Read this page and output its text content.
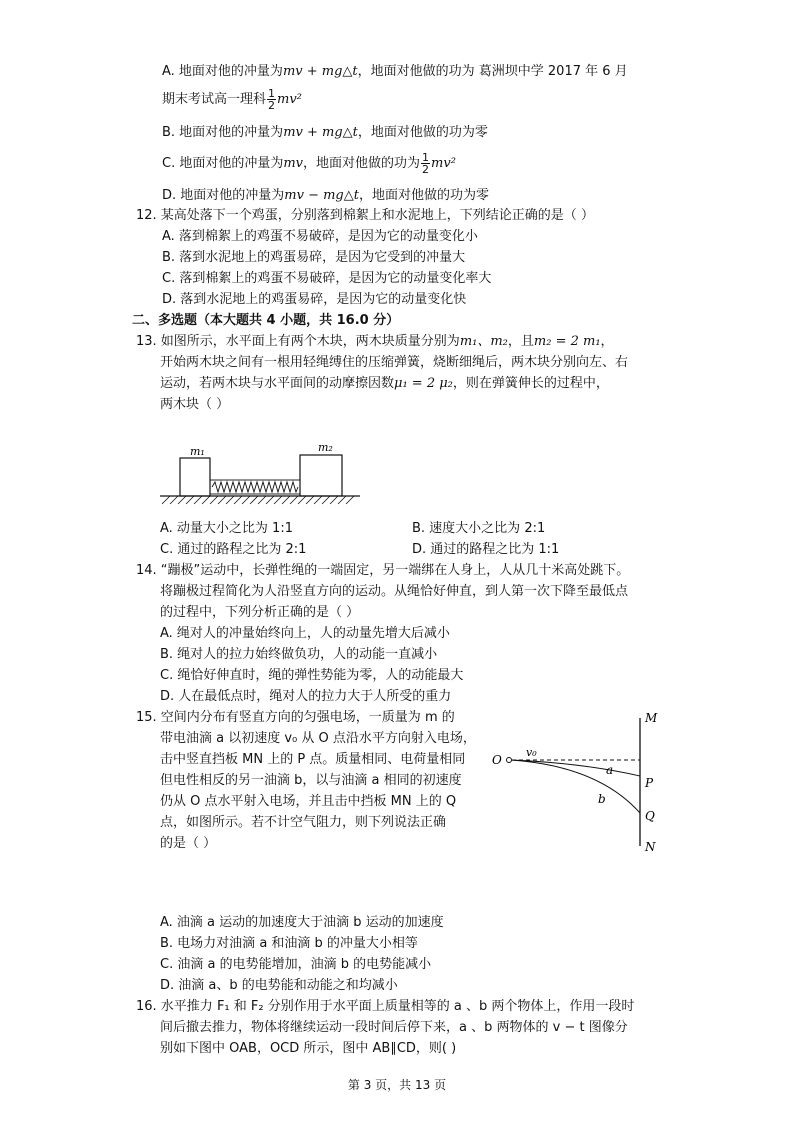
A. 地面对他的冲量为mv + mg△t，地面对他做的功为 葛洲坝中学 2017 年 6 月
期末考试高一理科 $\frac{1}{2} mv^2$
B. 地面对他的冲量为mv + mg△t，地面对他做的功为零
C. 地面对他的冲量为mv，地面对他做的功为 $\frac{1}{2} mv^2$
D. 地面对他的冲量为mv − mg△t，地面对他做的功为零
12. 某高处落下一个鸡蛋，分别落到棉絮上和水泥地上，下列结论正确的是（ ）
A. 落到棉絮上的鸡蛋不易破碎，是因为它的动量变化小
B. 落到水泥地上的鸡蛋易碎，是因为它受到的冲量大
C. 落到棉絮上的鸡蛋不易破碎，是因为它的动量变化率大
D. 落到水泥地上的鸡蛋易碎，是因为它的动量变化快
二、多选题（本大题共 4 小题，共 16.0 分）
13. 如图所示，水平面上有两个木块，两木块质量分别为m₁、m₂，且m₂ = 2 m₁，
开始两木块之间有一根用轻绳缚住的压缩弹簧，烧断细绳后，两木块分别向左、右
运动，若两木块与水平面间的动摩擦因数μ₁ = 2 μ₂，则在弹簧伸长的过程中，
两木块（ ）
m₁	m₂
A. 动量大小之比为 1:1	B. 速度大小之比为 2:1
C. 通过的路程之比为 2:1	D. 通过的路程之比为 1:1
14. “蹦极”运动中，长弹性绳的一端固定，另一端绑在人身上，人从几十米高处跳下。
将蹦极过程简化为人沿竖直方向的运动。从绳恰好伸直，到人第一次下降至最低点
的过程中，下列分析正确的是（ ）
A. 绳对人的冲量始终向上，人的动量先增大后减小
B. 绳对人的拉力始终做负功，人的动能一直减小
C. 绳恰好伸直时，绳的弹性势能为零，人的动能最大
D. 人在最低点时，绳对人的拉力大于人所受的重力
15. 空间内分布有竖直方向的匀强电场，一质量为 m 的
带电油滴 a 以初速度 v₀ 从 O 点沿水平方向射入电场，
击中竖直挡板 MN 上的 P 点。质量相同、电荷量相同
但电性相反的另一油滴 b，以与油滴 a 相同的初速度
仍从 O 点水平射入电场，并且击中挡板 MN 上的 Q
点，如图所示。若不计空气阻力，则下列说法正确
的是（ ）
M
N
O
v₀
a
b
P
Q
A. 油滴 a 运动的加速度大于油滴 b 运动的加速度
B. 电场力对油滴 a 和油滴 b 的冲量大小相等
C. 油滴 a 的电势能增加，油滴 b 的电势能减小
D. 油滴 a、b 的电势能和动能之和均减小
16. 水平推力 F₁ 和 F₂ 分别作用于水平面上质量相等的 a 、b 两个物体上，作用一段时
间后撤去推力，物体将继续运动一段时间后停下来，a 、b 两物体的 v − t 图像分
别如下图中 OAB，OCD 所示，图中 AB∥CD，则( )
第 3 页，共 13 页
